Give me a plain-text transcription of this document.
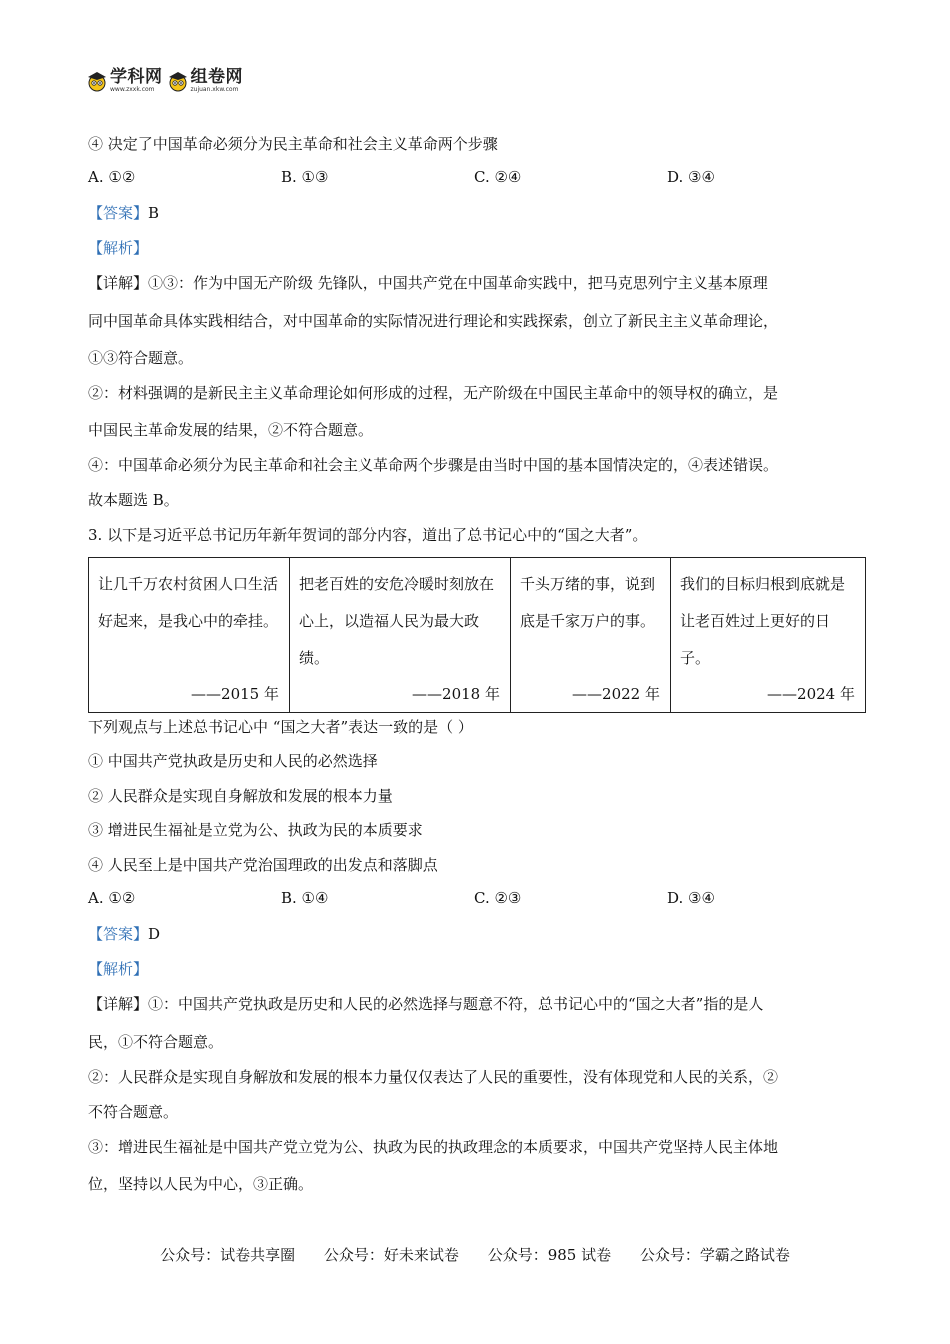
学科网
www.zxxk.com
组卷网
zujuan.xkw.com
④ 决定了中国革命必须分为民主革命和社会主义革命两个步骤
A. ①②	B. ①③	C. ②④	D. ③④
【答案】B
【解析】
【详解】①③：作为中国无产阶级 先锋队，中国共产党在中国革命实践中，把马克思列宁主义基本原理
同中国革命具体实践相结合，对中国革命的实际情况进行理论和实践探索，创立了新民主主义革命理论，
①③符合题意。
②：材料强调的是新民主主义革命理论如何形成的过程，无产阶级在中国民主革命中的领导权的确立，是
中国民主革命发展的结果，②不符合题意。
④：中国革命必须分为民主革命和社会主义革命两个步骤是由当时中国的基本国情决定的，④表述错误。
故本题选 B。
3. 以下是习近平总书记历年新年贺词的部分内容，道出了总书记心中的“国之大者”。
让几千万农村贫困人口生活好起来，是我心中的牵挂。
——2015 年

把老百姓的安危冷暖时刻放在心上，以造福人民为最大政绩。
——2018 年

千头万绪的事，说到底是千家万户的事。
——2022 年

我们的目标归根到底就是让老百姓过上更好的日子。
——2024 年
下列观点与上述总书记心中 “国之大者”表达一致的是（ ）
① 中国共产党执政是历史和人民的必然选择
② 人民群众是实现自身解放和发展的根本力量
③ 增进民生福祉是立党为公、执政为民的本质要求
④ 人民至上是中国共产党治国理政的出发点和落脚点
A. ①②	B. ①④	C. ②③	D. ③④
【答案】D
【解析】
【详解】①：中国共产党执政是历史和人民的必然选择与题意不符，总书记心中的“国之大者”指的是人
民，①不符合题意。
②：人民群众是实现自身解放和发展的根本力量仅仅表达了人民的重要性，没有体现党和人民的关系，②
不符合题意。
③：增进民生福祉是中国共产党立党为公、执政为民的执政理念的本质要求，中国共产党坚持人民主体地
位，坚持以人民为中心，③正确。
公众号：试卷共享圈 公众号：好未来试卷 公众号：985 试卷 公众号：学霸之路试卷
